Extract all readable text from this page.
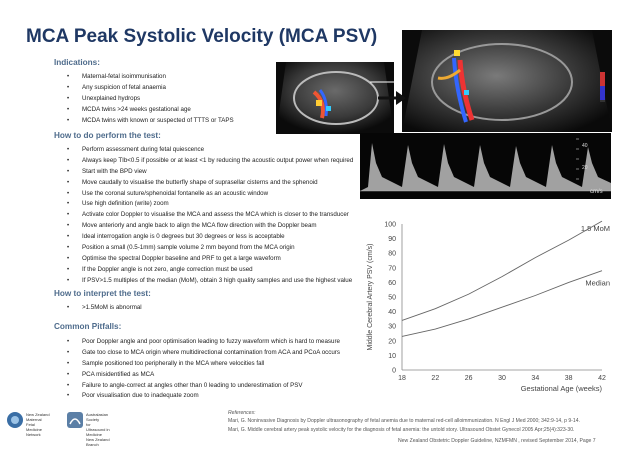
MCA Peak Systolic Velocity (MCA PSV)
Indications:
• Maternal-fetal isoimmunisation
• Any suspicion of fetal anaemia
• Unexplained hydrops
• MCDA twins >24 weeks gestational age
• MCDA twins with known or suspected of TTTS or TAPS
How to do perform the test:
• Perform assessment during fetal quiescence
• Always keep TIb<0.5 if possible or at least <1 by reducing the acoustic output power when required
• Start with the BPD view
• Move caudally to visualise the butterfly shape of suprasellar cisterns and the sphenoid
• Use the coronal suture/sphenoidal fontanelle as an acoustic window
• Use high definition (write) zoom
• Activate color Doppler to visualise the MCA and assess the MCA which is closer to the transducer
• Move anteriorly and angle back to align the MCA flow direction with the Doppler beam
• Ideal interrogation angle is 0 degrees but 30 degrees or less is acceptable
• Position a small (0.5-1mm) sample volume 2 mm beyond from the MCA origin
• Optimise the spectral Doppler baseline and PRF to get a large waveform
• If the Doppler angle is not zero, angle correction must be used
• If PSV>1.5 multiples of the median (MoM), obtain 3 high quality samples and use the highest value
How to interpret the test:
• >1.5MoM is abnormal
Common Pitfalls:
• Poor Doppler angle and poor optimisation leading to fuzzy waveform which is hard to measure
• Gate too close to MCA origin where multidirectional contamination from ACA and PCoA occurs
• Sample positioned too peripherally in the MCA where velocities fall
• PCA misidentified as MCA
• Failure to angle-correct at angles other than 0 leading to underestimation of PSV
• Poor visualisation due to inadequate zoom
40
20
cm/s
0
10
20
30
40
50
60
70
80
90
100
18	22	26	30	34	38	42
Gestational Age (weeks)
Middle Cerebral Artery PSV (cm/s)
1.5 MoM
Median
New Zealand
Maternal
Fetal
Medicine
Network
Australasian
Society
for
Ultrasound in
Medicine
New Zealand
Branch
References:
Mari, G. Noninvasive Diagnosis by Doppler ultrasonography of fetal anemia due to maternal red-cell alloimmunization. N Engl J Med 2000; 342:9-14, p 9-14.
Mari, G. Middle cerebral artery peak systolic velocity for the diagnosis of fetal anemia: the untold story. Ultrasound Obstet Gynecol 2005 Apr;25(4):323-30.
New Zealand Obstetric Doppler Guideline, NZMFMN , revised September 2014, Page 7
